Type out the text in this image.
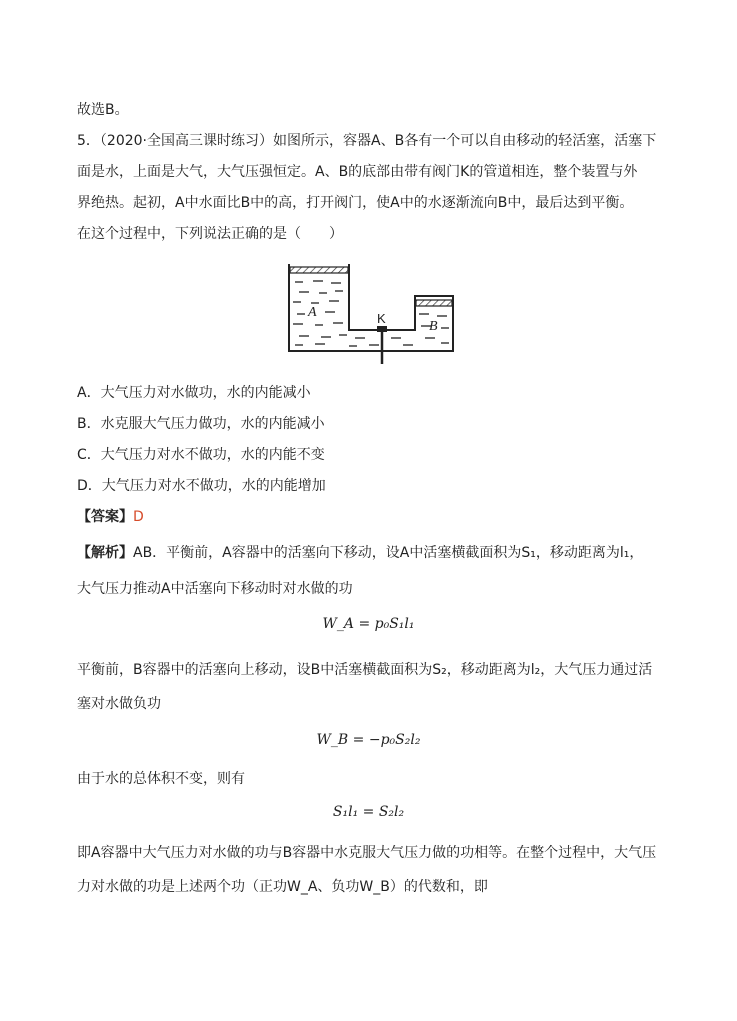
故选B。
5．（2020·全国高三课时练习）如图所示，容器A、B各有一个可以自由移动的轻活塞，活塞下
面是水，上面是大气，大气压强恒定。A、B的底部由带有阀门K的管道相连，整个装置与外
界绝热。起初，A中水面比B中的高，打开阀门，使A中的水逐渐流向B中，最后达到平衡。
在这个过程中，下列说法正确的是（　　）
K
A
B
A．大气压力对水做功，水的内能减小
B．水克服大气压力做功，水的内能减小
C．大气压力对水不做功，水的内能不变
D．大气压力对水不做功，水的内能增加
【答案】D
【解析】AB．平衡前，A容器中的活塞向下移动，设A中活塞横截面积为S₁，移动距离为l₁，
大气压力推动A中活塞向下移动时对水做的功
W_A = p₀S₁l₁
平衡前，B容器中的活塞向上移动，设B中活塞横截面积为S₂，移动距离为l₂，大气压力通过活
塞对水做负功
W_B = −p₀S₂l₂
由于水的总体积不变，则有
S₁l₁ = S₂l₂
即A容器中大气压力对水做的功与B容器中水克服大气压力做的功相等。在整个过程中，大气压
力对水做的功是上述两个功（正功W_A、负功W_B）的代数和，即
